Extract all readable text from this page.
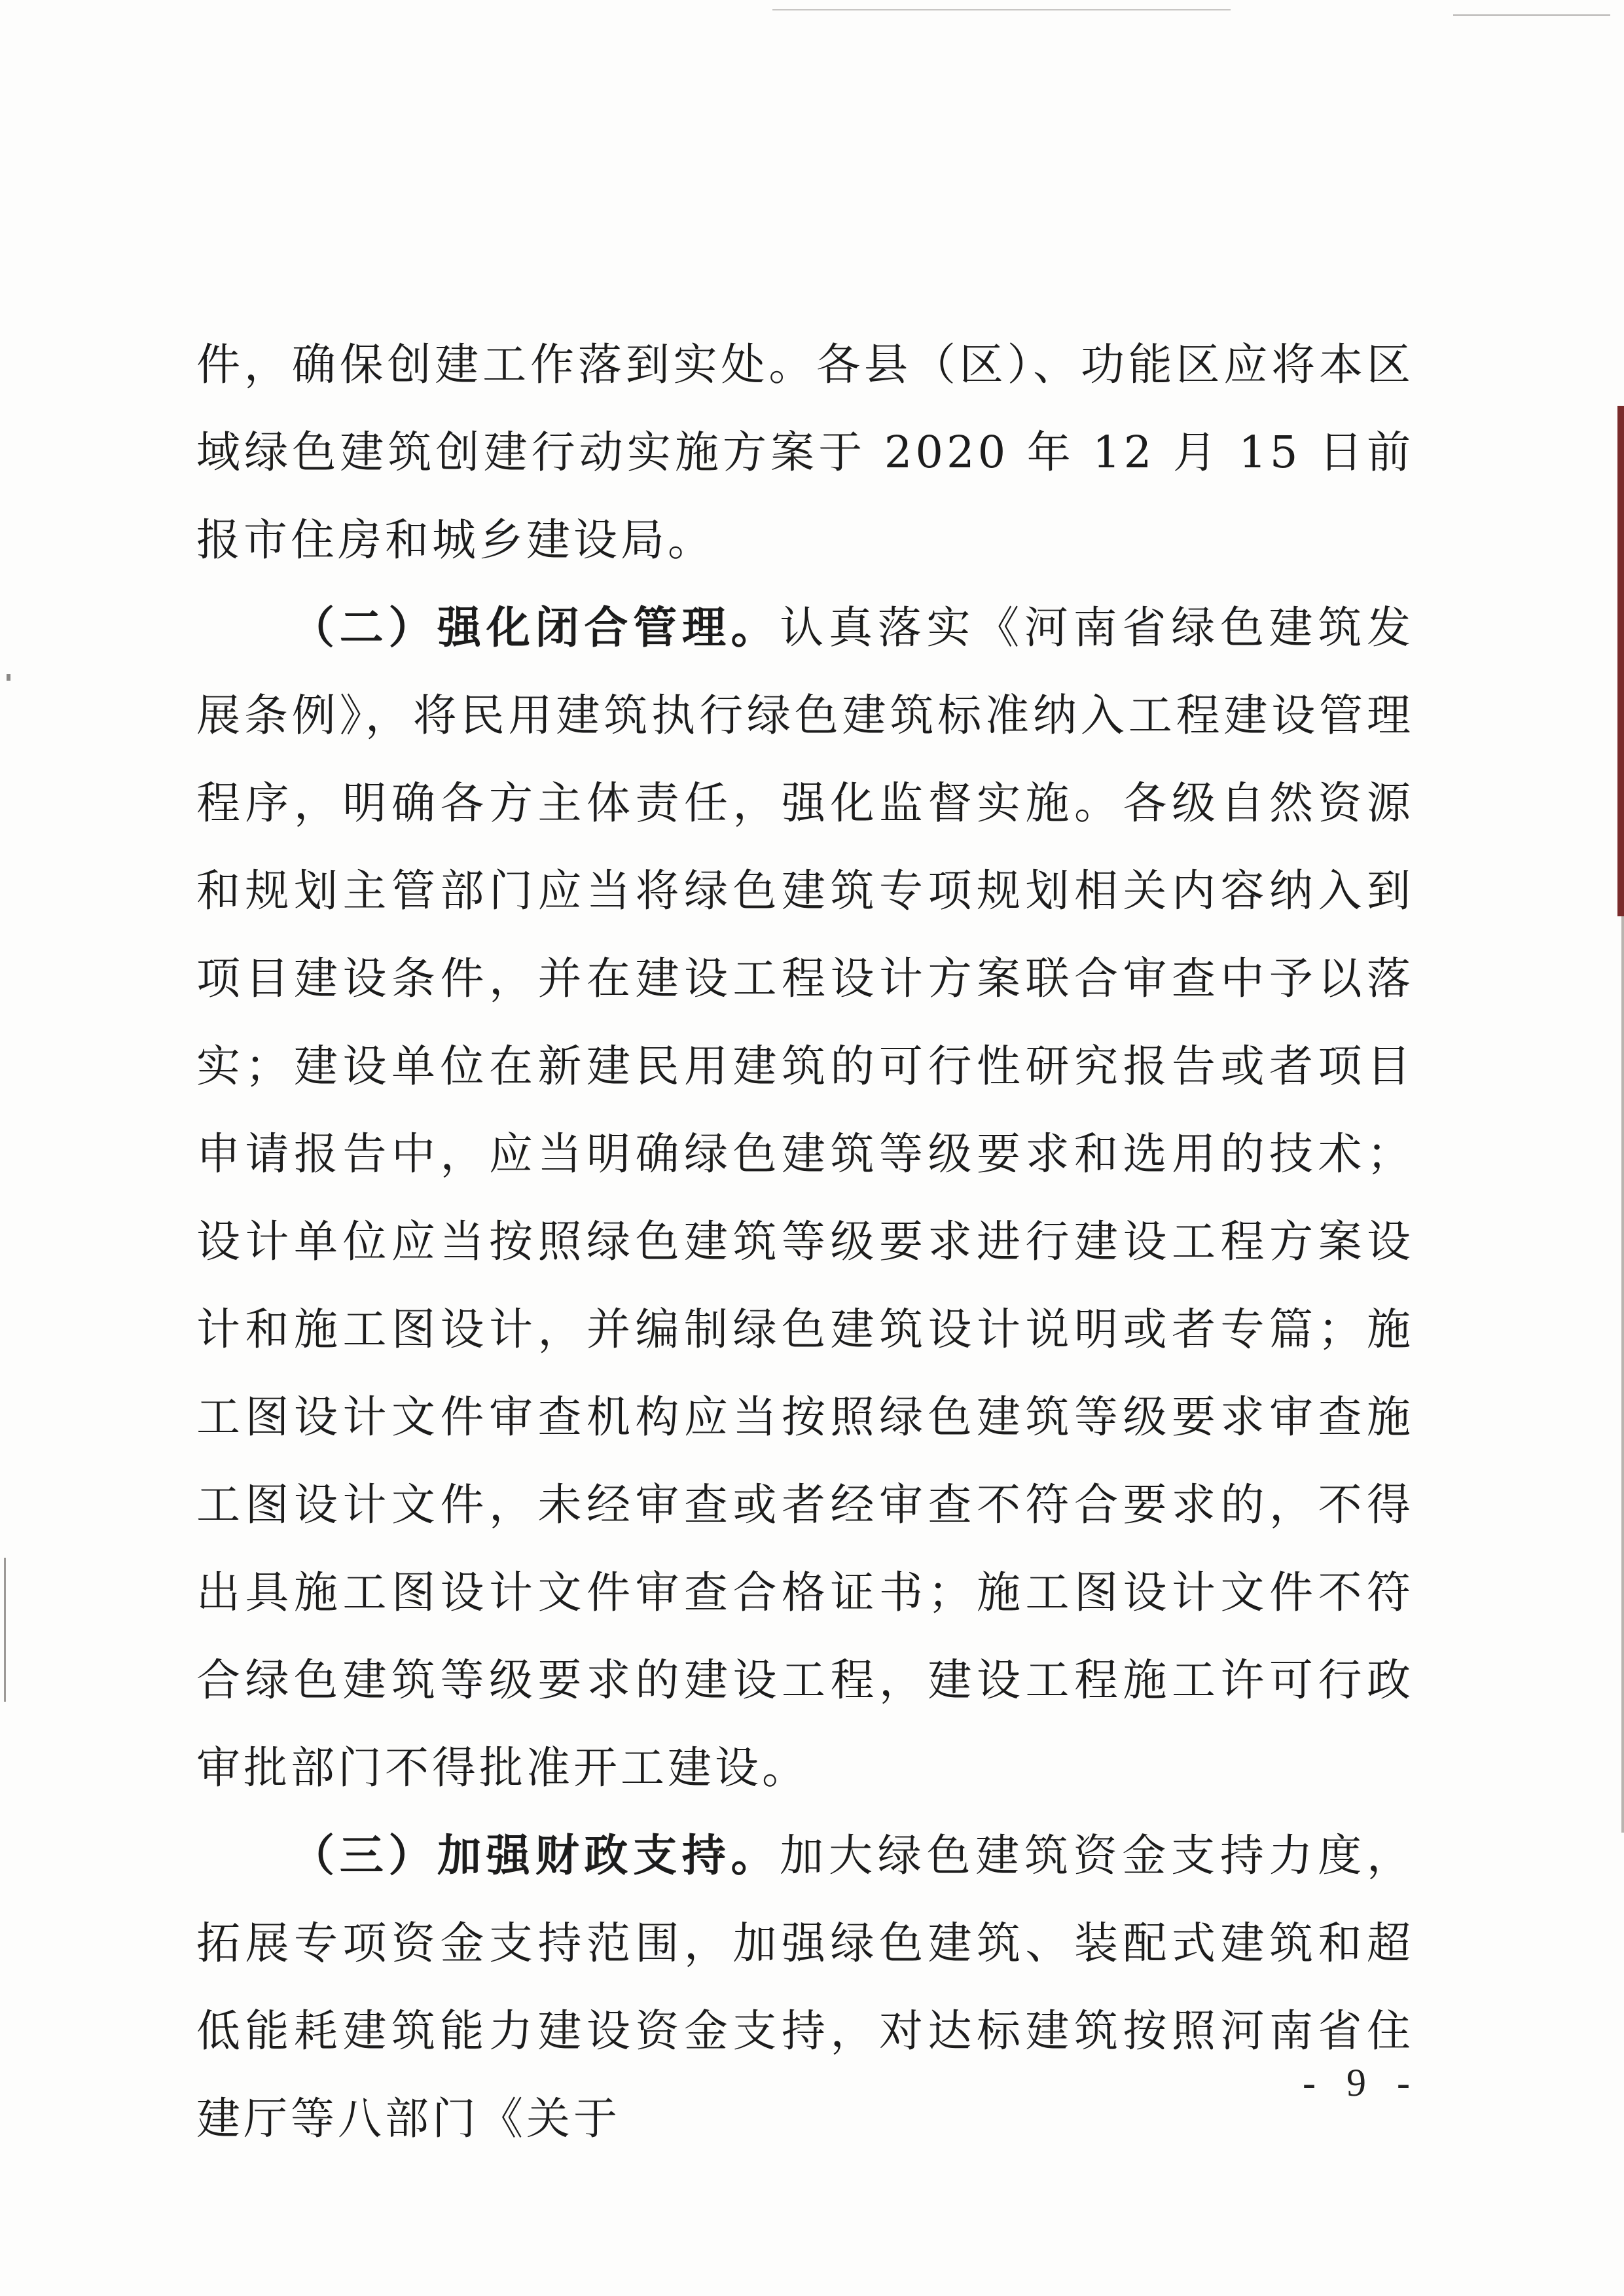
件，确保创建工作落到实处。各县（区）、功能区应将本区域绿色建筑创建行动实施方案于 2020 年 12 月 15 日前报市住房和城乡建设局。

（二）强化闭合管理。认真落实《河南省绿色建筑发展条例》，将民用建筑执行绿色建筑标准纳入工程建设管理程序，明确各方主体责任，强化监督实施。各级自然资源和规划主管部门应当将绿色建筑专项规划相关内容纳入到项目建设条件，并在建设工程设计方案联合审查中予以落实；建设单位在新建民用建筑的可行性研究报告或者项目申请报告中，应当明确绿色建筑等级要求和选用的技术；设计单位应当按照绿色建筑等级要求进行建设工程方案设计和施工图设计，并编制绿色建筑设计说明或者专篇；施工图设计文件审查机构应当按照绿色建筑等级要求审查施工图设计文件，未经审查或者经审查不符合要求的，不得出具施工图设计文件审查合格证书；施工图设计文件不符合绿色建筑等级要求的建设工程，建设工程施工许可行政审批部门不得批准开工建设。

（三）加强财政支持。加大绿色建筑资金支持力度，拓展专项资金支持范围，加强绿色建筑、装配式建筑和超低能耗建筑能力建设资金支持，对达标建筑按照河南省住建厅等八部门《关于

- 9 -
